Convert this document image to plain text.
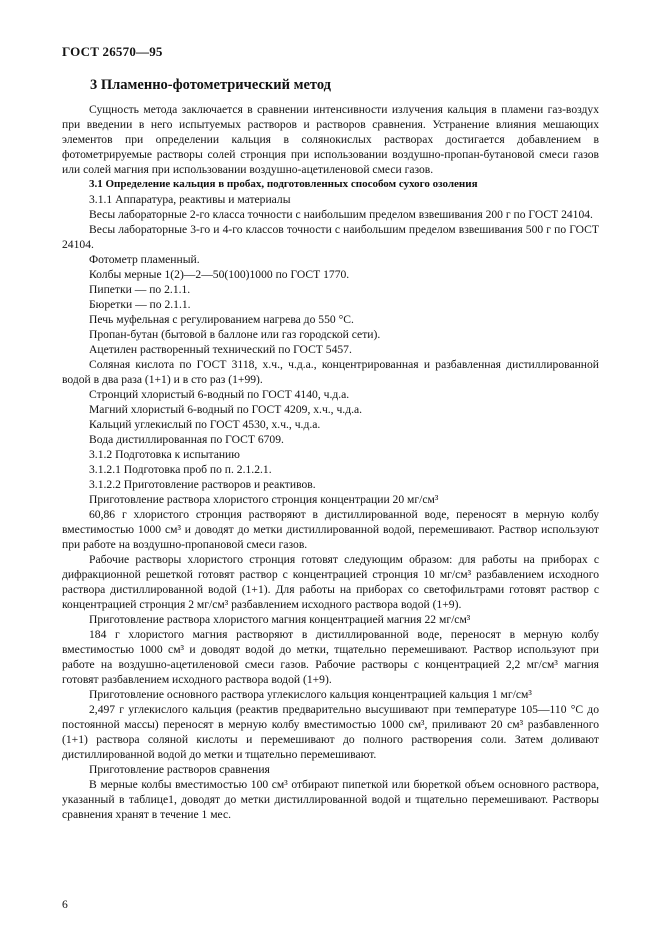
ГОСТ 26570—95
3 Пламенно-фотометрический метод

Сущность метода заключается в сравнении интенсивности излучения кальция в пламени газ-воздух при введении в него испытуемых растворов и растворов сравнения. Устранение влияния мешающих элементов при определении кальция в солянокислых растворах достигается добавлением в фотометрируемые растворы солей стронция при использовании воздушно-пропан-бутановой смеси газов или солей магния при использовании воздушно-ацетиленовой смеси газов.

3.1 Определение кальция в пробах, подготовленных способом сухого озоления

3.1.1 Аппаратура, реактивы и материалы

Весы лабораторные 2-го класса точности с наибольшим пределом взвешивания 200 г по ГОСТ 24104.

Весы лабораторные 3-го и 4-го классов точности с наибольшим пределом взвешивания 500 г по ГОСТ 24104.

Фотометр пламенный.

Колбы мерные 1(2)—2—50(100)1000 по ГОСТ 1770.

Пипетки — по 2.1.1.

Бюретки — по 2.1.1.

Печь муфельная с регулированием нагрева до 550 °С.

Пропан-бутан (бытовой в баллоне или газ городской сети).

Ацетилен растворенный технический по ГОСТ 5457.

Соляная кислота по ГОСТ 3118, х.ч., ч.д.а., концентрированная и разбавленная дистиллированной водой в два раза (1+1) и в сто раз (1+99).

Стронций хлористый 6-водный по ГОСТ 4140, ч.д.а.

Магний хлористый 6-водный по ГОСТ 4209, х.ч., ч.д.а.

Кальций углекислый по ГОСТ 4530, х.ч., ч.д.а.

Вода дистиллированная по ГОСТ 6709.

3.1.2 Подготовка к испытанию

3.1.2.1 Подготовка проб по п. 2.1.2.1.

3.1.2.2 Приготовление растворов и реактивов.

Приготовление раствора хлористого стронция концентрации 20 мг/см³

60,86 г хлористого стронция растворяют в дистиллированной воде, переносят в мерную колбу вместимостью 1000 см³ и доводят до метки дистиллированной водой, перемешивают. Раствор используют при работе на воздушно-пропановой смеси газов.

Рабочие растворы хлористого стронция готовят следующим образом: для работы на приборах с дифракционной решеткой готовят раствор с концентрацией стронция 10 мг/см³ разбавлением исходного раствора дистиллированной водой (1+1). Для работы на приборах со светофильтрами готовят раствор с концентрацией стронция 2 мг/см³ разбавлением исходного раствора водой (1+9).

Приготовление раствора хлористого магния концентрацией магния 22 мг/см³

184 г хлористого магния растворяют в дистиллированной воде, переносят в мерную колбу вместимостью 1000 см³ и доводят водой до метки, тщательно перемешивают. Раствор используют при работе на воздушно-ацетиленовой смеси газов. Рабочие растворы с концентрацией 2,2 мг/см³ магния готовят разбавлением исходного раствора водой (1+9).

Приготовление основного раствора углекислого кальция концентрацией кальция 1 мг/см³

2,497 г углекислого кальция (реактив предварительно высушивают при температуре 105—110 °С до постоянной массы) переносят в мерную колбу вместимостью 1000 см³, приливают 20 см³ разбавленного (1+1) раствора соляной кислоты и перемешивают до полного растворения соли. Затем доливают дистиллированной водой до метки и тщательно перемешивают.

Приготовление растворов сравнения

В мерные колбы вместимостью 100 см³ отбирают пипеткой или бюреткой объем основного раствора, указанный в таблице1, доводят до метки дистиллированной водой и тщательно перемешивают. Растворы сравнения хранят в течение 1 мес.

6
